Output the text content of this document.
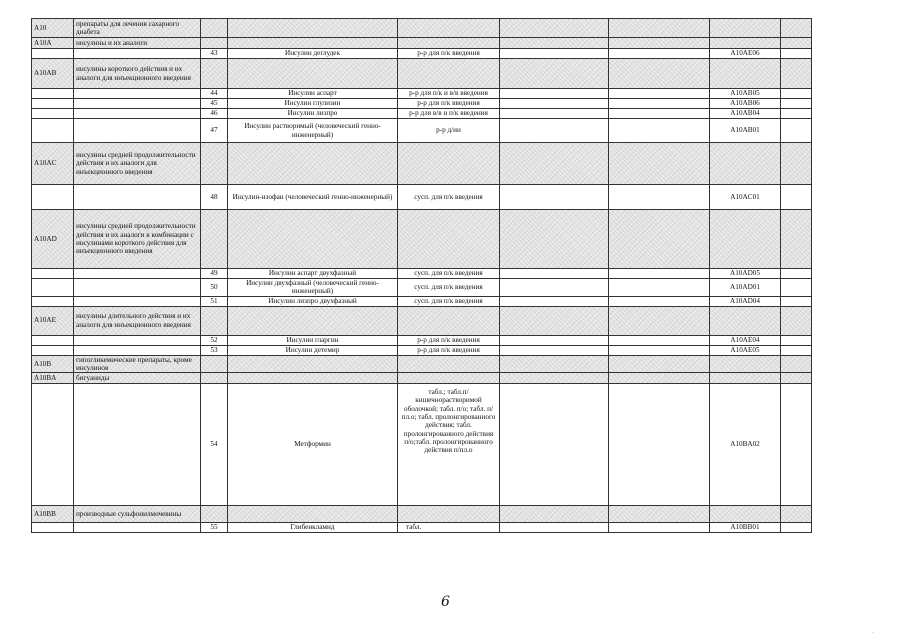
A10	препараты для лечения сахарного диабета							
A10A	инсулины и их аналоги							
		43	Инсулин деглудек	р-р для п/к введения			A10AE06	
A10AB	инсулины короткого действия и их аналоги для инъекционного введения							
		44	Инсулин аспарт	р-р для п/к и в/в введения			A10AB05	
		45	Инсулин глулизин	р-р для п/к введения			A10AB06	
		46	Инсулин лизпро	р-р для в/в и п/к введения			A10AB04	
		47	Инсулин растворимый (человеческий генно-инженерный)	р-р д/ин			A10AB01	
A10AC	инсулины средней продолжительности действия и их аналоги для инъекционного введения							
		48	Инсулин-изофан (человеческий генно-инженерный)	сусп. для п/к введения			A10AC01	
A10AD	инсулины средней продолжительности действия и их аналоги в комбинации с инсулинами короткого действия для инъекционного введения							
		49	Инсулин аспарт двухфазный	сусп. для п/к введения			A10AD05	
		50	Инсулин двухфазный (человеческий генно-инженерный)	сусп. для п/к введения			A10AD01	
		51	Инсулин лизпро двухфазный	сусп. для п/к введения			A10AD04	
A10AE	инсулины длительного действия и их аналоги для инъекционного введения							
		52	Инсулин гларгин	р-р для п/к введения			A10AE04	
		53	Инсулин детемир	р-р для п/к введения			A10AE05	
A10B	гипогликемические препараты, кроме инсулинов							
A10BA	бигуаниды							
		54	Метформин	табл.; табл.п/кишечнорастворимой оболочкой; табл. п/о; табл. п/пл.о; табл. пролонгированного действия; табл. пролонгированного действия п/о;табл. пролонгированного действия п/пл.о			A10BA02	
A10BB	производные сульфонилмочевины							
		55	Глибенкламид	табл.			A10BB01	
6
·
